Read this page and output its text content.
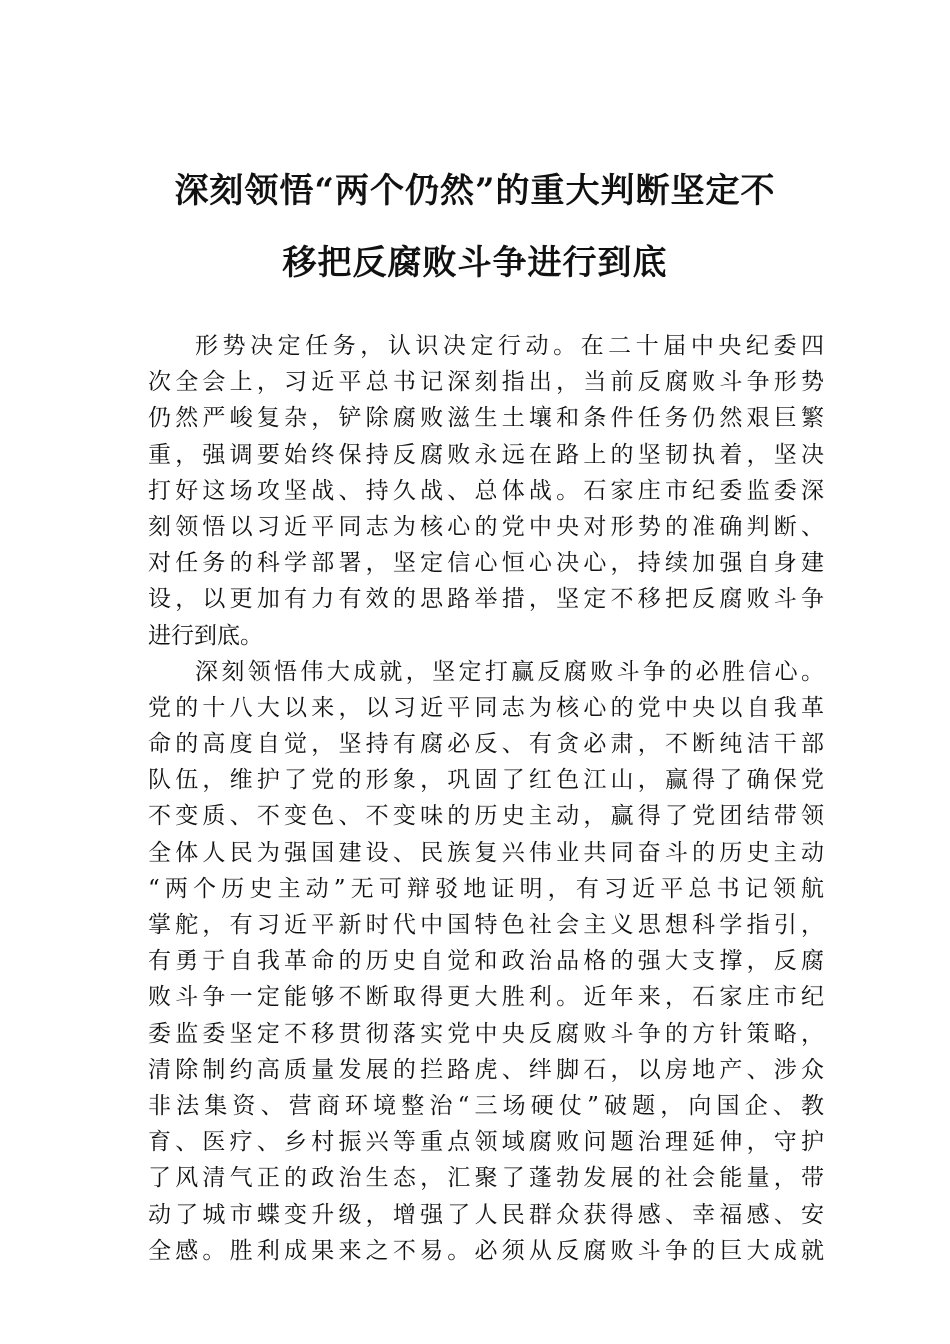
深刻领悟“两个仍然”的重大判断坚定不
移把反腐败斗争进行到底
形势决定任务，认识决定行动。在二十届中央纪委四
次全会上，习近平总书记深刻指出，当前反腐败斗争形势
仍然严峻复杂，铲除腐败滋生土壤和条件任务仍然艰巨繁
重，强调要始终保持反腐败永远在路上的坚韧执着，坚决
打好这场攻坚战、持久战、总体战。石家庄市纪委监委深
刻领悟以习近平同志为核心的党中央对形势的准确判断、
对任务的科学部署，坚定信心恒心决心，持续加强自身建
设，以更加有力有效的思路举措，坚定不移把反腐败斗争
进行到底。
深刻领悟伟大成就，坚定打赢反腐败斗争的必胜信心。
党的十八大以来，以习近平同志为核心的党中央以自我革
命的高度自觉，坚持有腐必反、有贪必肃，不断纯洁干部
队伍，维护了党的形象，巩固了红色江山，赢得了确保党
不变质、不变色、不变味的历史主动，赢得了党团结带领
全体人民为强国建设、民族复兴伟业共同奋斗的历史主动
“两个历史主动”无可辩驳地证明，有习近平总书记领航
掌舵，有习近平新时代中国特色社会主义思想科学指引，
有勇于自我革命的历史自觉和政治品格的强大支撑，反腐
败斗争一定能够不断取得更大胜利。近年来，石家庄市纪
委监委坚定不移贯彻落实党中央反腐败斗争的方针策略，
清除制约高质量发展的拦路虎、绊脚石，以房地产、涉众
非法集资、营商环境整治“三场硬仗”破题，向国企、教
育、医疗、乡村振兴等重点领域腐败问题治理延伸，守护
了风清气正的政治生态，汇聚了蓬勃发展的社会能量，带
动了城市蝶变升级，增强了人民群众获得感、幸福感、安
全感。胜利成果来之不易。必须从反腐败斗争的巨大成就
